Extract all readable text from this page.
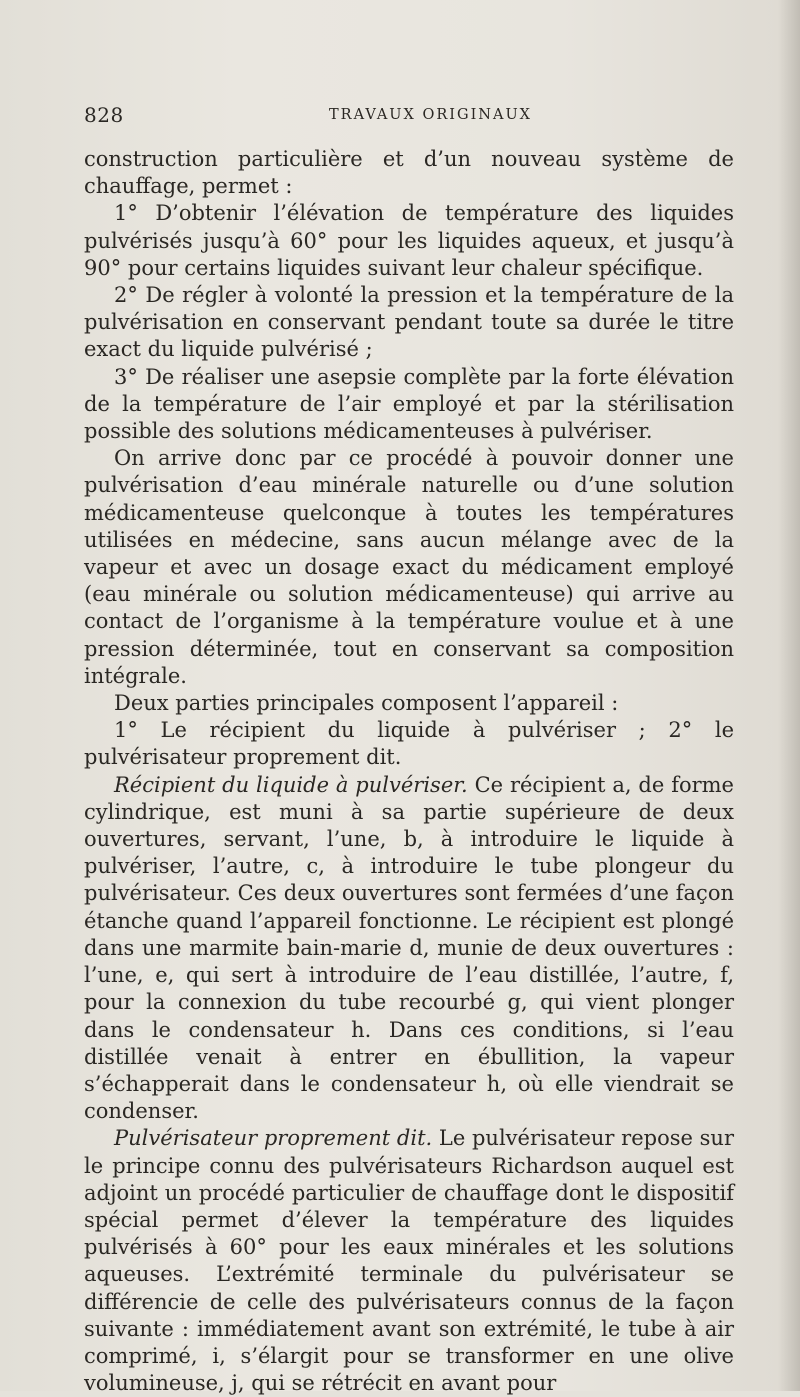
828	TRAVAUX ORIGINAUX

construction particulière et d’un nouveau système de chauffage, permet :

1° D’obtenir l’élévation de température des liquides pulvérisés jusqu’à 60° pour les liquides aqueux, et jusqu’à 90° pour certains liquides suivant leur chaleur spécifique.

2° De régler à volonté la pression et la température de la pulvérisation en conservant pendant toute sa durée le titre exact du liquide pulvérisé ;

3° De réaliser une asepsie complète par la forte élévation de la température de l’air employé et par la stérilisation possible des solutions médicamenteuses à pulvériser.

On arrive donc par ce procédé à pouvoir donner une pulvérisation d’eau minérale naturelle ou d’une solution médicamenteuse quelconque à toutes les températures utilisées en médecine, sans aucun mélange avec de la vapeur et avec un dosage exact du médicament employé (eau minérale ou solution médicamenteuse) qui arrive au contact de l’organisme à la température voulue et à une pression déterminée, tout en conservant sa composition intégrale.

Deux parties principales composent l’appareil :

1° Le récipient du liquide à pulvériser ; 2° le pulvérisateur proprement dit.

Récipient du liquide à pulvériser. Ce récipient a, de forme cylindrique, est muni à sa partie supérieure de deux ouvertures, servant, l’une, b, à introduire le liquide à pulvériser, l’autre, c, à introduire le tube plongeur du pulvérisateur. Ces deux ouvertures sont fermées d’une façon étanche quand l’appareil fonctionne. Le récipient est plongé dans une marmite bain-marie d, munie de deux ouvertures : l’une, e, qui sert à introduire de l’eau distillée, l’autre, f, pour la connexion du tube recourbé g, qui vient plonger dans le condensateur h. Dans ces conditions, si l’eau distillée venait à entrer en ébullition, la vapeur s’échapperait dans le condensateur h, où elle viendrait se condenser.

Pulvérisateur proprement dit. Le pulvérisateur repose sur le principe connu des pulvérisateurs Richardson auquel est adjoint un procédé particulier de chauffage dont le dispositif spécial permet d’élever la température des liquides pulvérisés à 60° pour les eaux minérales et les solutions aqueuses. L’extrémité terminale du pulvérisateur se différencie de celle des pulvérisateurs connus de la façon suivante : immédiatement avant son extrémité, le tube à air comprimé, i, s’élargit pour se transformer en une olive volumineuse, j, qui se rétrécit en avant pour
